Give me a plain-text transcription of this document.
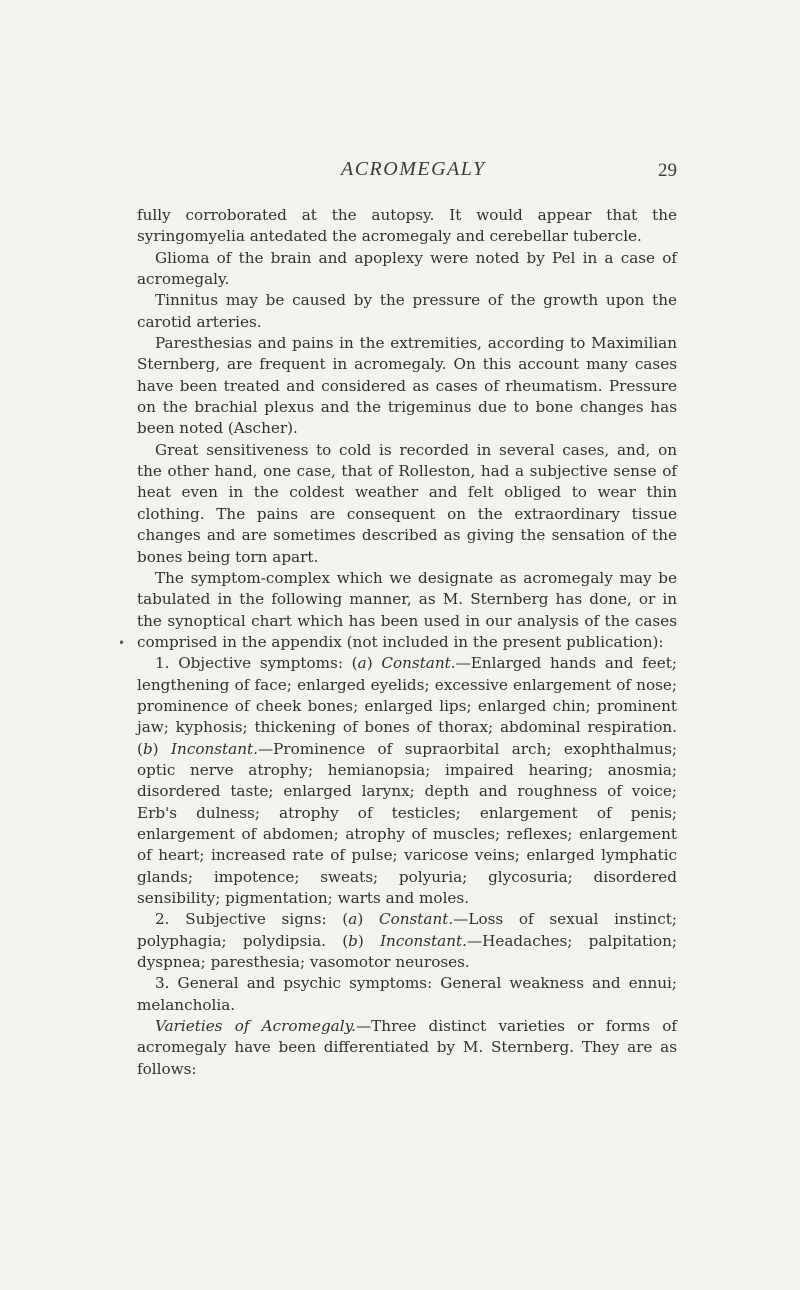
ACROMEGALY	29

fully corroborated at the autopsy. It would appear that the syringomyelia antedated the acromegaly and cerebellar tubercle.

Glioma of the brain and apoplexy were noted by Pel in a case of acromegaly.

Tinnitus may be caused by the pressure of the growth upon the carotid arteries.

Paresthesias and pains in the extremities, according to Maximilian Sternberg, are frequent in acromegaly. On this account many cases have been treated and considered as cases of rheumatism. Pressure on the brachial plexus and the trigeminus due to bone changes has been noted (Ascher).

Great sensitiveness to cold is recorded in several cases, and, on the other hand, one case, that of Rolleston, had a subjective sense of heat even in the coldest weather and felt obliged to wear thin clothing. The pains are consequent on the extraordinary tissue changes and are sometimes described as giving the sensation of the bones being torn apart.

The symptom-complex which we designate as acromegaly may be tabulated in the following manner, as M. Sternberg has done, or in the synoptical chart which has been used in our analysis of the cases comprised in the appendix (not included in the present publication):

1. Objective symptoms: (a) Constant.—Enlarged hands and feet; lengthening of face; enlarged eyelids; excessive enlargement of nose; prominence of cheek bones; enlarged lips; enlarged chin; prominent jaw; kyphosis; thickening of bones of thorax; abdominal respiration. (b) Inconstant.—Prominence of supraorbital arch; exophthalmus; optic nerve atrophy; hemianopsia; impaired hearing; anosmia; disordered taste; enlarged larynx; depth and roughness of voice; Erb's dulness; atrophy of testicles; enlargement of penis; enlargement of abdomen; atrophy of muscles; reflexes; enlargement of heart; increased rate of pulse; varicose veins; enlarged lymphatic glands; impotence; sweats; polyuria; glycosuria; disordered sensibility; pigmentation; warts and moles.

2. Subjective signs: (a) Constant.—Loss of sexual instinct; polyphagia; polydipsia. (b) Inconstant.—Headaches; palpitation; dyspnea; paresthesia; vasomotor neuroses.

3. General and psychic symptoms: General weakness and ennui; melancholia.

Varieties of Acromegaly.—Three distinct varieties or forms of acromegaly have been differentiated by M. Sternberg. They are as follows:

•
